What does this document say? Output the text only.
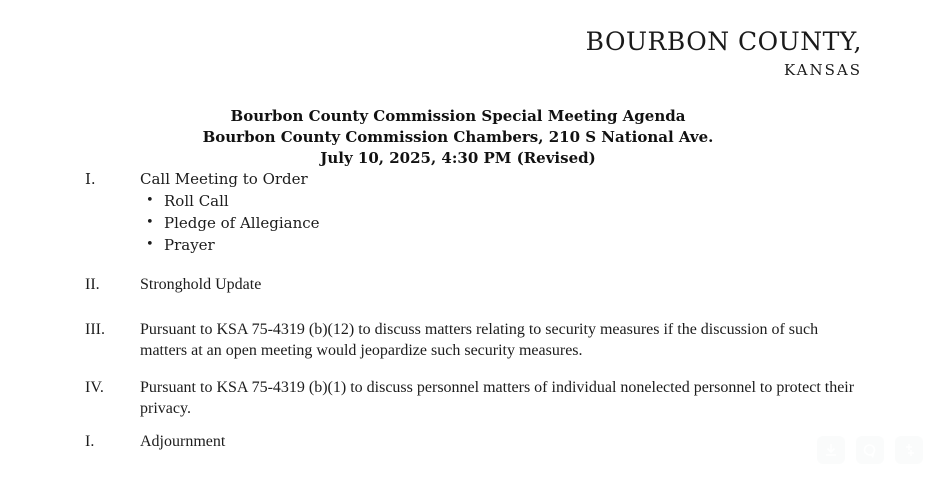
BOURBON COUNTY,
KANSAS
Bourbon County Commission Special Meeting Agenda
Bourbon County Commission Chambers, 210 S National Ave.
July 10, 2025, 4:30 PM (Revised)
I.	Call Meeting to Order
• Roll Call
• Pledge of Allegiance
• Prayer
II.	Stronghold Update
III. Pursuant to KSA 75-4319 (b)(12) to discuss matters relating to security measures if the discussion of such matters at an open meeting would jeopardize such security measures.
IV. Pursuant to KSA 75-4319 (b)(1) to discuss personnel matters of individual nonelected personnel to protect their privacy.
I.	Adjournment
